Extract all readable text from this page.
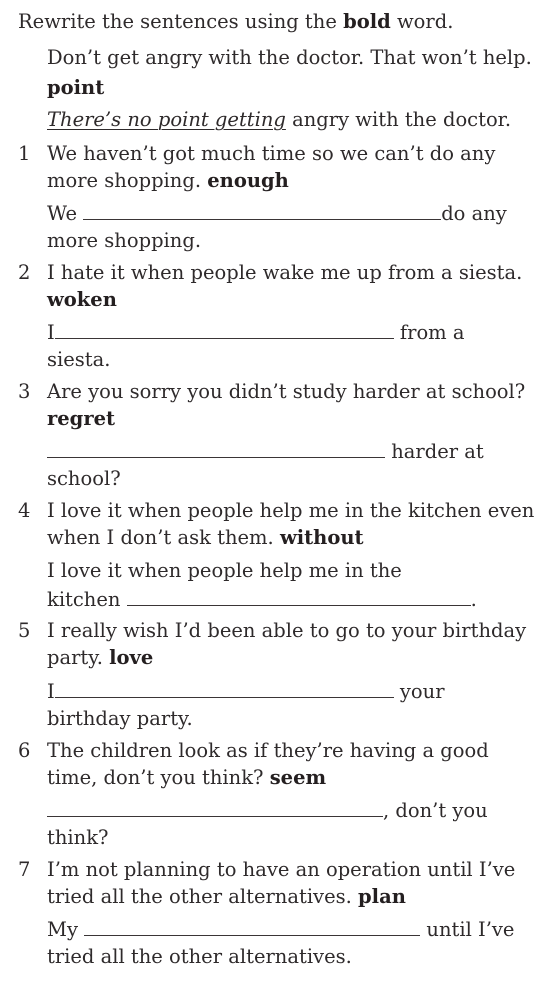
Rewrite the sentences using the bold word.
Don’t get angry with the doctor. That won’t help.
point
There’s no point getting angry with the doctor.
1 We haven’t got much time so we can’t do any
more shopping. enough
We	do any
more shopping.
2 I hate it when people wake me up from a siesta.
woken
I	from a
siesta.
3 Are you sorry you didn’t study harder at school?
regret
harder at
school?
4 I love it when people help me in the kitchen even
when I don’t ask them. without
I love it when people help me in the
kitchen	.
5 I really wish I’d been able to go to your birthday
party. love
I	your
birthday party.
6 The children look as if they’re having a good
time, don’t you think? seem
, don’t you
think?
7 I’m not planning to have an operation until I’ve
tried all the other alternatives. plan
My	until I’ve
tried all the other alternatives.
